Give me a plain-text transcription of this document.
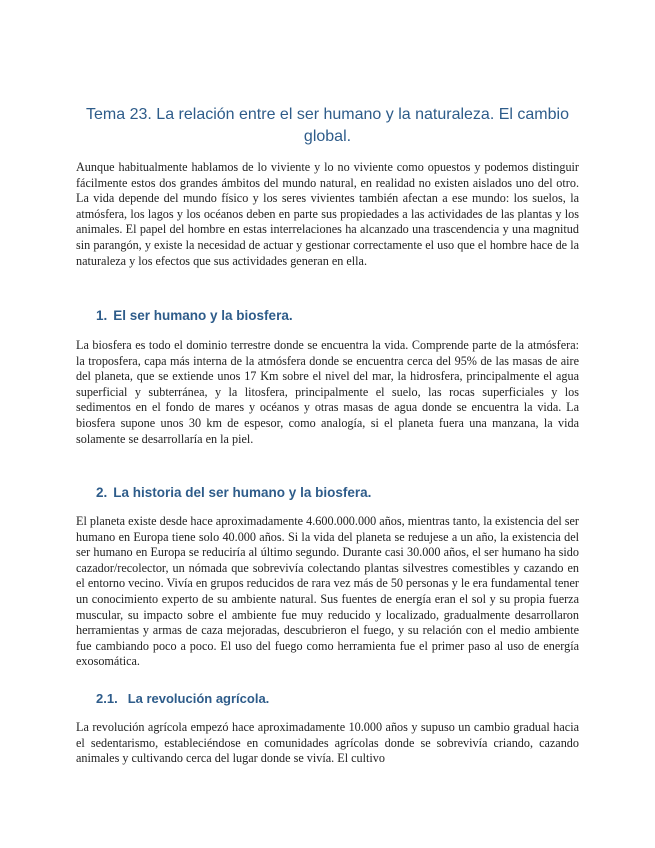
Tema 23. La relación entre el ser humano y la naturaleza. El cambio global.

Aunque habitualmente hablamos de lo viviente y lo no viviente como opuestos y podemos distinguir fácilmente estos dos grandes ámbitos del mundo natural, en realidad no existen aislados uno del otro. La vida depende del mundo físico y los seres vivientes también afectan a ese mundo: los suelos, la atmósfera, los lagos y los océanos deben en parte sus propiedades a las actividades de las plantas y los animales. El papel del hombre en estas interrelaciones ha alcanzado una trascendencia y una magnitud sin parangón, y existe la necesidad de actuar y gestionar correctamente el uso que el hombre hace de la naturaleza y los efectos que sus actividades generan en ella.

1. El ser humano y la biosfera.

La biosfera es todo el dominio terrestre donde se encuentra la vida. Comprende parte de la atmósfera: la troposfera, capa más interna de la atmósfera donde se encuentra cerca del 95% de las masas de aire del planeta, que se extiende unos 17 Km sobre el nivel del mar, la hidrosfera, principalmente el agua superficial y subterránea, y la litosfera, principalmente el suelo, las rocas superficiales y los sedimentos en el fondo de mares y océanos y otras masas de agua donde se encuentra la vida. La biosfera supone unos 30 km de espesor, como analogía, si el planeta fuera una manzana, la vida solamente se desarrollaría en la piel.

2. La historia del ser humano y la biosfera.

El planeta existe desde hace aproximadamente 4.600.000.000 años, mientras tanto, la existencia del ser humano en Europa tiene solo 40.000 años. Si la vida del planeta se redujese a un año, la existencia del ser humano en Europa se reduciría al último segundo. Durante casi 30.000 años, el ser humano ha sido cazador/recolector, un nómada que sobrevivía colectando plantas silvestres comestibles y cazando en el entorno vecino. Vivía en grupos reducidos de rara vez más de 50 personas y le era fundamental tener un conocimiento experto de su ambiente natural. Sus fuentes de energía eran el sol y su propia fuerza muscular, su impacto sobre el ambiente fue muy reducido y localizado, gradualmente desarrollaron herramientas y armas de caza mejoradas, descubrieron el fuego, y su relación con el medio ambiente fue cambiando poco a poco. El uso del fuego como herramienta fue el primer paso al uso de energía exosomática.

2.1. La revolución agrícola.

La revolución agrícola empezó hace aproximadamente 10.000 años y supuso un cambio gradual hacia el sedentarismo, estableciéndose en comunidades agrícolas donde se sobrevivía criando, cazando animales y cultivando cerca del lugar donde se vivía. El cultivo
